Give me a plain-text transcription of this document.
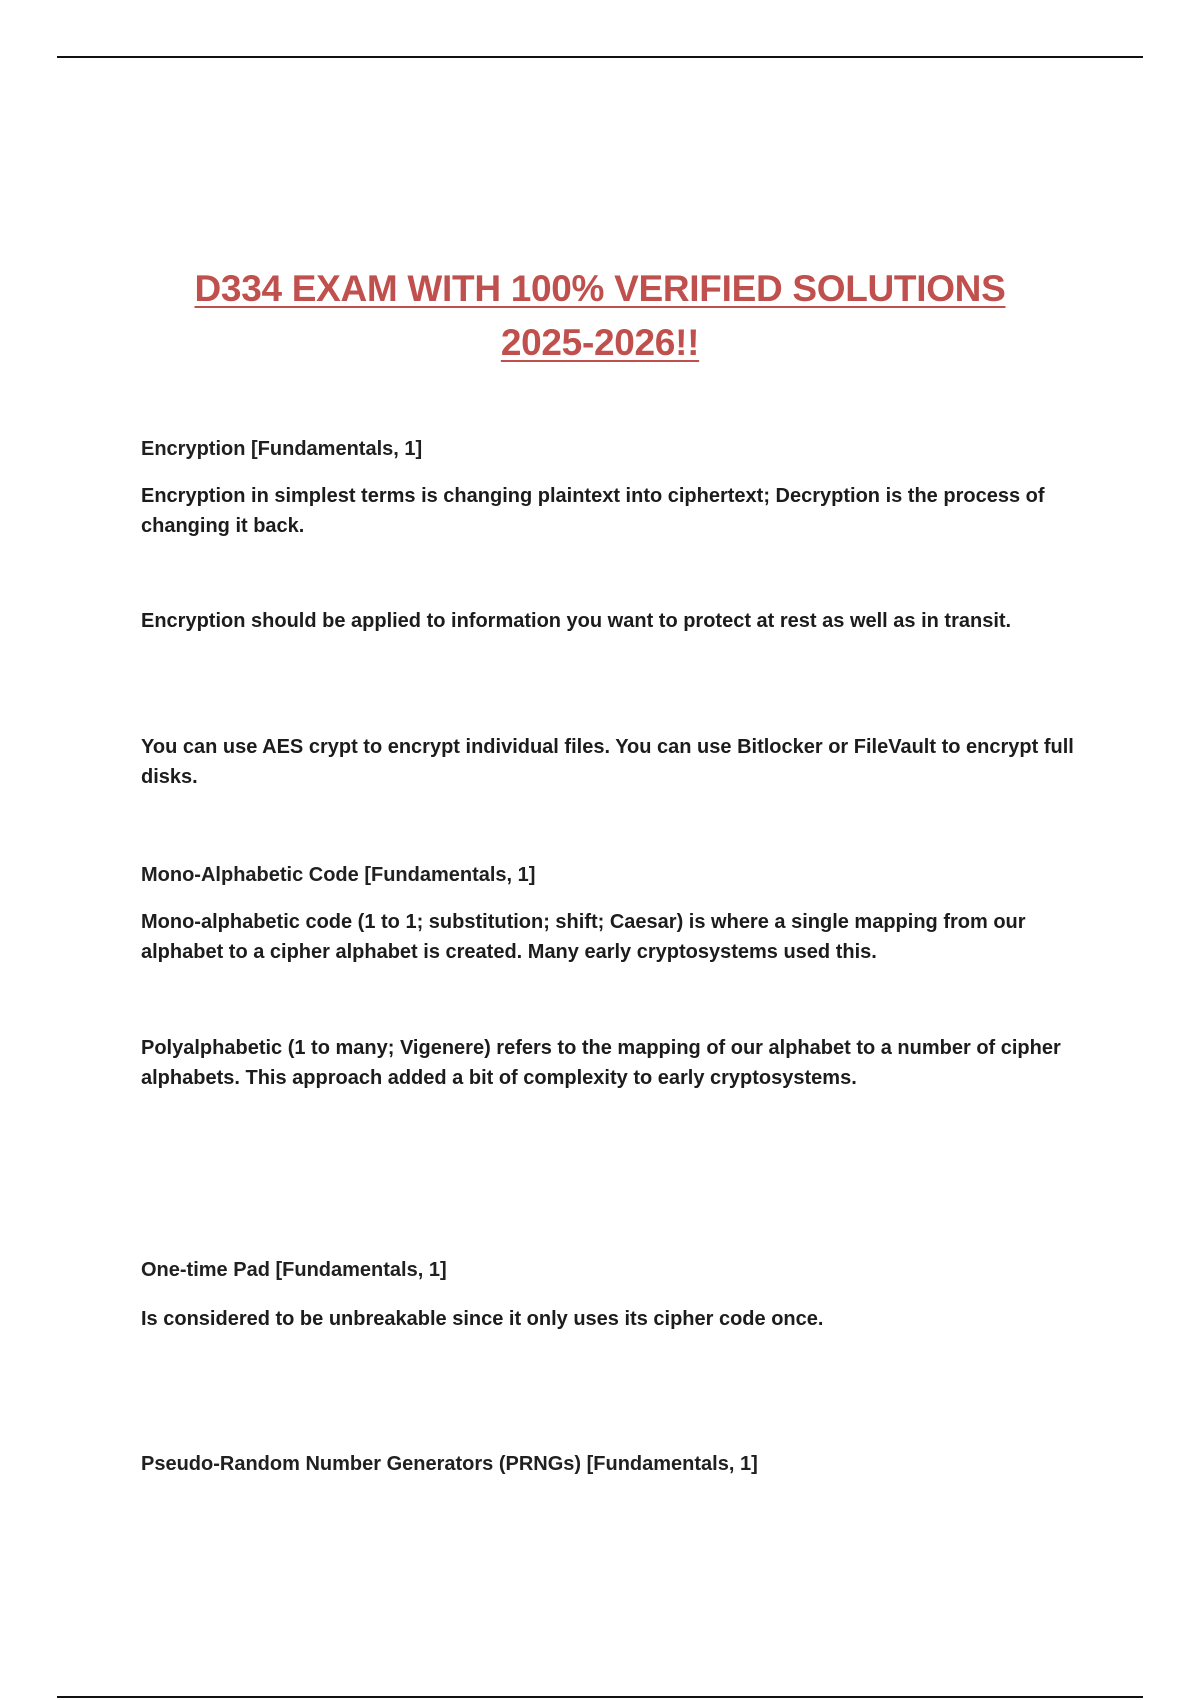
D334 EXAM WITH 100% VERIFIED SOLUTIONS
2025-2026!!
Encryption [Fundamentals, 1]
Encryption in simplest terms is changing plaintext into ciphertext; Decryption is the process of changing it back.
Encryption should be applied to information you want to protect at rest as well as in transit.
You can use AES crypt to encrypt individual files. You can use Bitlocker or FileVault to encrypt full disks.
Mono-Alphabetic Code [Fundamentals, 1]
Mono-alphabetic code (1 to 1; substitution; shift; Caesar) is where a single mapping from our alphabet to a cipher alphabet is created. Many early cryptosystems used this.
Polyalphabetic (1 to many; Vigenere) refers to the mapping of our alphabet to a number of cipher alphabets. This approach added a bit of complexity to early cryptosystems.
One-time Pad [Fundamentals, 1]
Is considered to be unbreakable since it only uses its cipher code once.
Pseudo-Random Number Generators (PRNGs) [Fundamentals, 1]
